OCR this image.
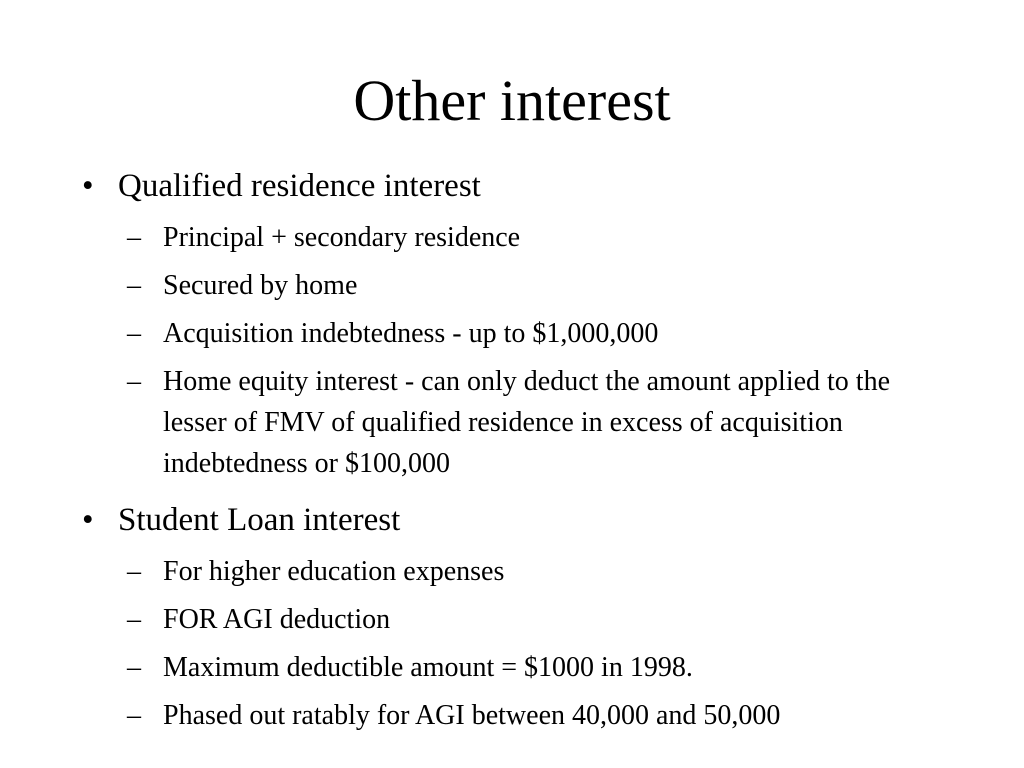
Other interest
• Qualified residence interest
– Principal + secondary residence
– Secured by home
– Acquisition indebtedness - up to $1,000,000
– Home equity interest - can only deduct the amount applied to the lesser of FMV of qualified residence in excess of acquisition indebtedness or $100,000
• Student Loan interest
– For higher education expenses
– FOR AGI deduction
– Maximum deductible amount = $1000 in 1998.
– Phased out ratably for AGI between 40,000 and 50,000
